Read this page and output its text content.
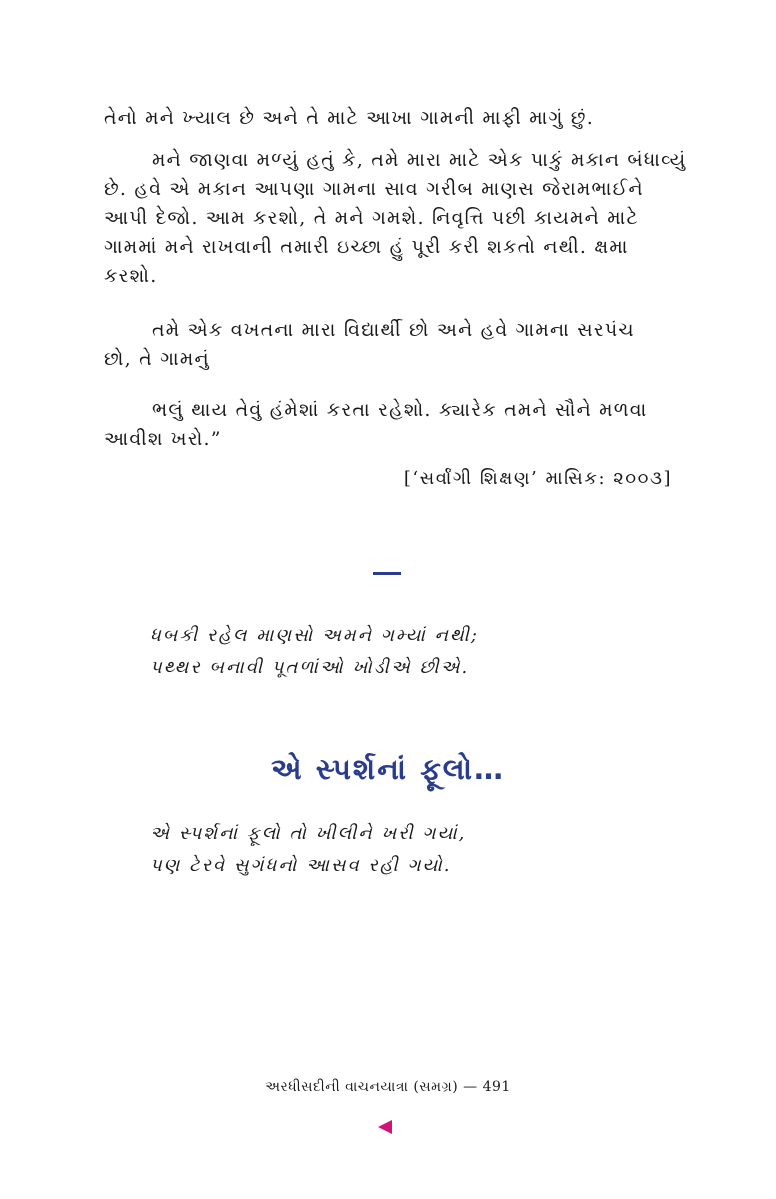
તેનો મને ખ્યાલ છે અને તે માટે આખા ગામની માફી માગું છું.
મને જાણવા મળ્યું હતું કે, તમે મારા માટે એક પાકું મકાન બંધાવ્યું
છે. હવે એ મકાન આપણા ગામના સાવ ગરીબ માણસ જેરામભાઈને
આપી દેજો. આમ કરશો, તે મને ગમશે. નિવૃત્તિ પછી કાયમને માટે
ગામમાં મને રાખવાની તમારી ઇચ્છા હું પૂરી કરી શકતો નથી. ક્ષમા
કરશો.
તમે એક વખતના મારા વિદ્યાર્થી છો અને હવે ગામના સરપંચ
છો, તે ગામનું
ભલું થાય તેવું હંમેશાં કરતા રહેશો. ક્યારેક તમને સૌને મળવા
આવીશ ખરો.”
[‘સર્વાંગી શિક્ષણ’ માસિક: ૨૦૦૩]
ધબકી રહેલ માણસો અમને ગમ્યાં નથી;
પથ્થર બનાવી પૂતળાંઓ ખોડીએ છીએ.
એ સ્પર્શનાં ફૂલો…
એ સ્પર્શનાં ફૂલો તો ખીલીને ખરી ગયાં,
પણ ટેરવે સુગંધનો આસવ રહી ગયો.
અરધીસદીની વાચનયાત્રા (સમગ્ર) — 491
